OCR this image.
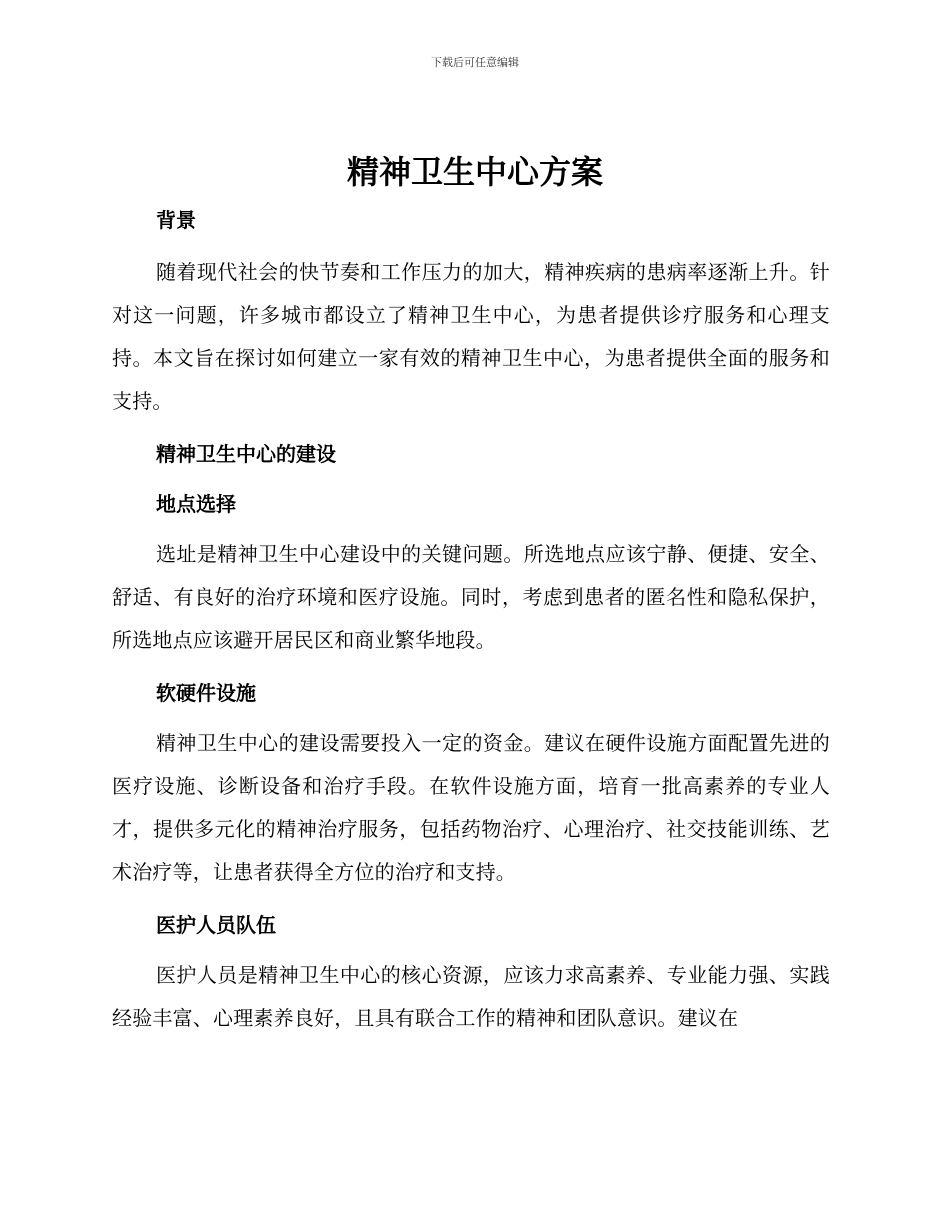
下载后可任意编辑
精神卫生中心方案
背景

随着现代社会的快节奏和工作压力的加大，精神疾病的患病率逐渐上升。针对这一问题，许多城市都设立了精神卫生中心，为患者提供诊疗服务和心理支持。本文旨在探讨如何建立一家有效的精神卫生中心，为患者提供全面的服务和支持。

精神卫生中心的建设
地点选择

选址是精神卫生中心建设中的关键问题。所选地点应该宁静、便捷、安全、舒适、有良好的治疗环境和医疗设施。同时，考虑到患者的匿名性和隐私保护，所选地点应该避开居民区和商业繁华地段。

软硬件设施

精神卫生中心的建设需要投入一定的资金。建议在硬件设施方面配置先进的医疗设施、诊断设备和治疗手段。在软件设施方面，培育一批高素养的专业人才，提供多元化的精神治疗服务，包括药物治疗、心理治疗、社交技能训练、艺术治疗等，让患者获得全方位的治疗和支持。

医护人员队伍

医护人员是精神卫生中心的核心资源，应该力求高素养、专业能力强、实践经验丰富、心理素养良好，且具有联合工作的精神和团队意识。建议在
